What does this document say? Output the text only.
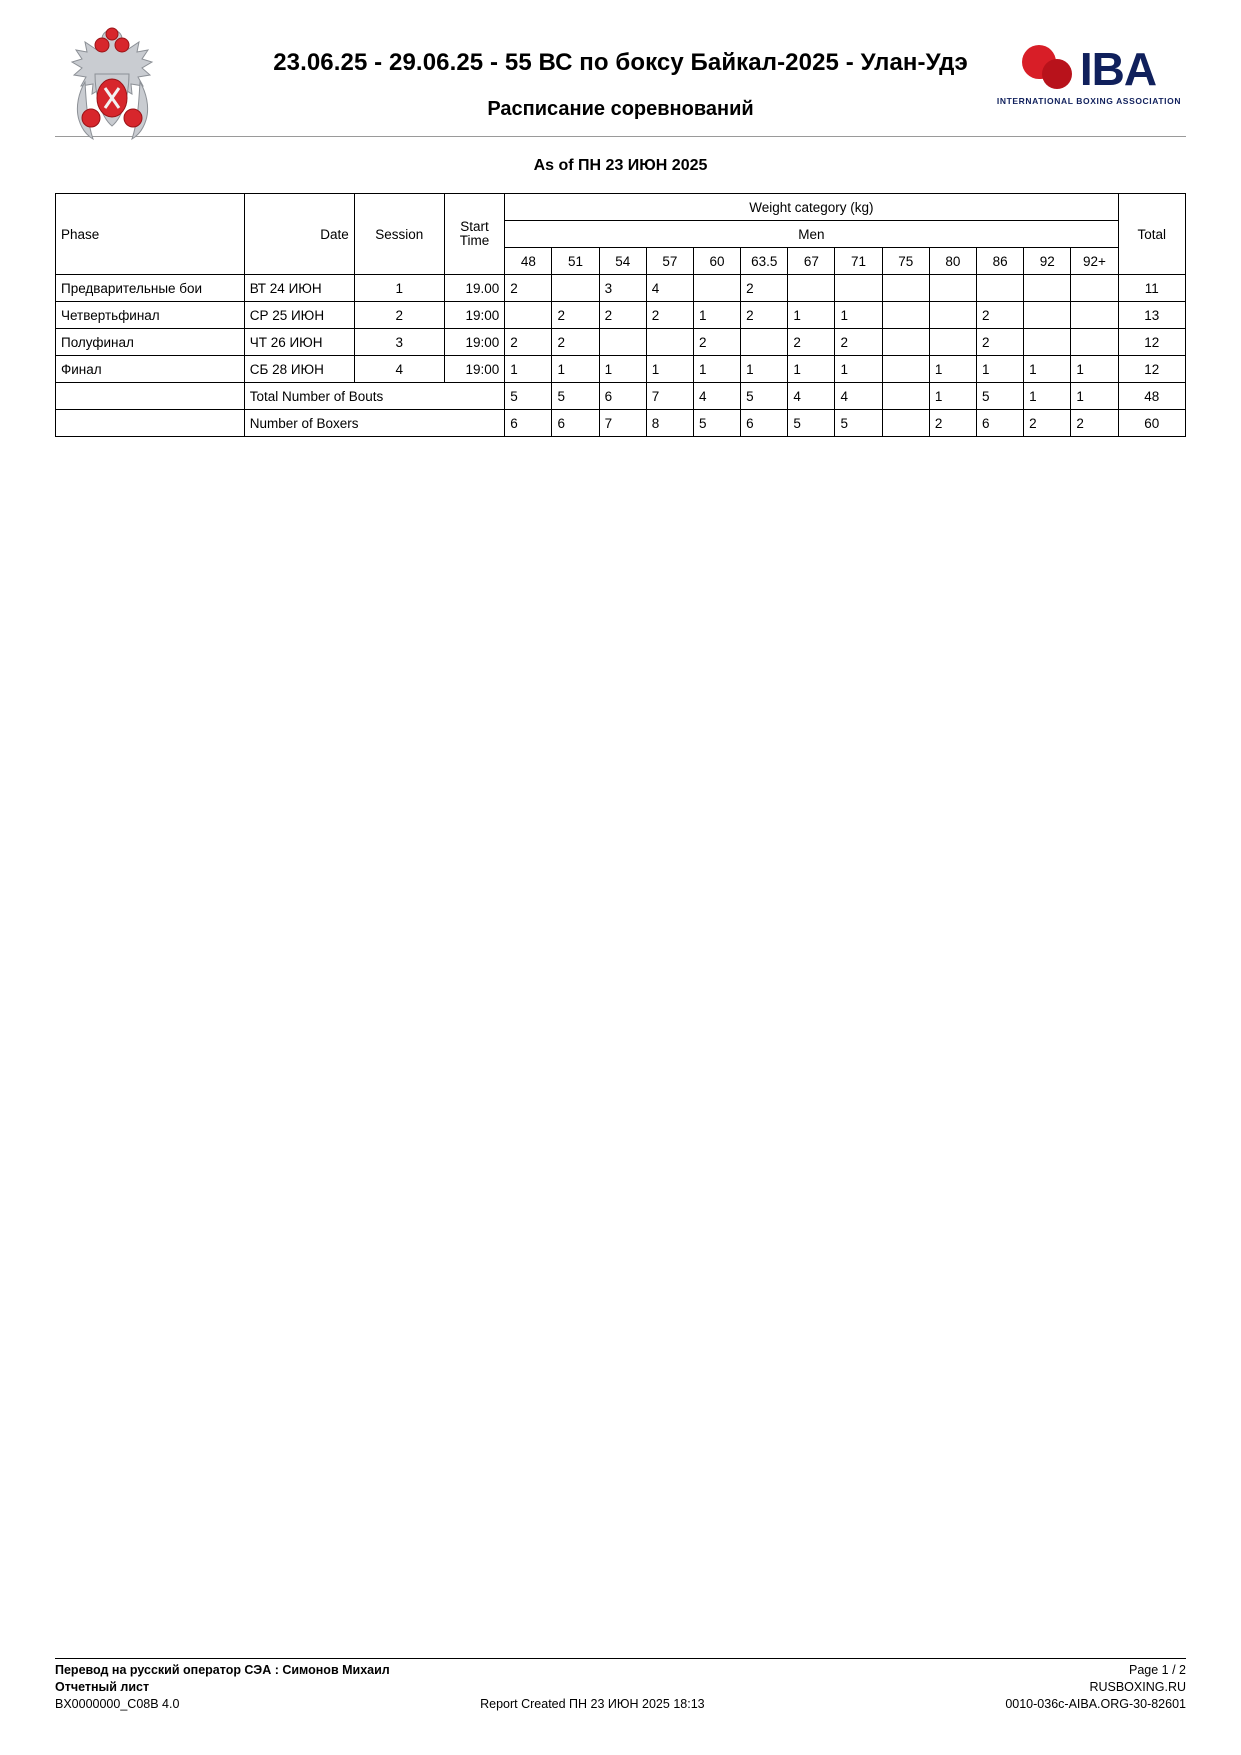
23.06.25 - 29.06.25 - 55 ВС по боксу Байкал-2025 - Улан-Удэ
Расписание соревнований
IBA
INTERNATIONAL BOXING ASSOCIATION
As of ПН 23 ИЮН 2025
Phase	Date	Session	Start
Time	Weight category (kg)													Total
				Men													
				48	51	54	57	60	63.5	67	71	75	80	86	92	92+	
Предварительные бои	ВТ 24 ИЮН	1	19.00	2		3	4		2								11
Четвертьфинал	СР 25 ИЮН	2	19:00		2	2	2	1	2	1	1			2			13
Полуфинал	ЧТ 26 ИЮН	3	19:00	2	2			2		2	2			2			12
Финал	СБ 28 ИЮН	4	19:00	1	1	1	1	1	1	1	1		1	1	1	1	12
	Total Number of Bouts			5	5	6	7	4	5	4	4		1	5	1	1	48
	Number of Boxers			6	6	7	8	5	6	5	5		2	6	2	2	60
Перевод на русский оператор СЭА : Симонов Михаил	Page 1 / 2
Отчетный лист	RUSBOXING.RU
BX0000000_C08B 4.0	Report Created ПН 23 ИЮН 2025 18:13	0010-036c-AIBA.ORG-30-82601
